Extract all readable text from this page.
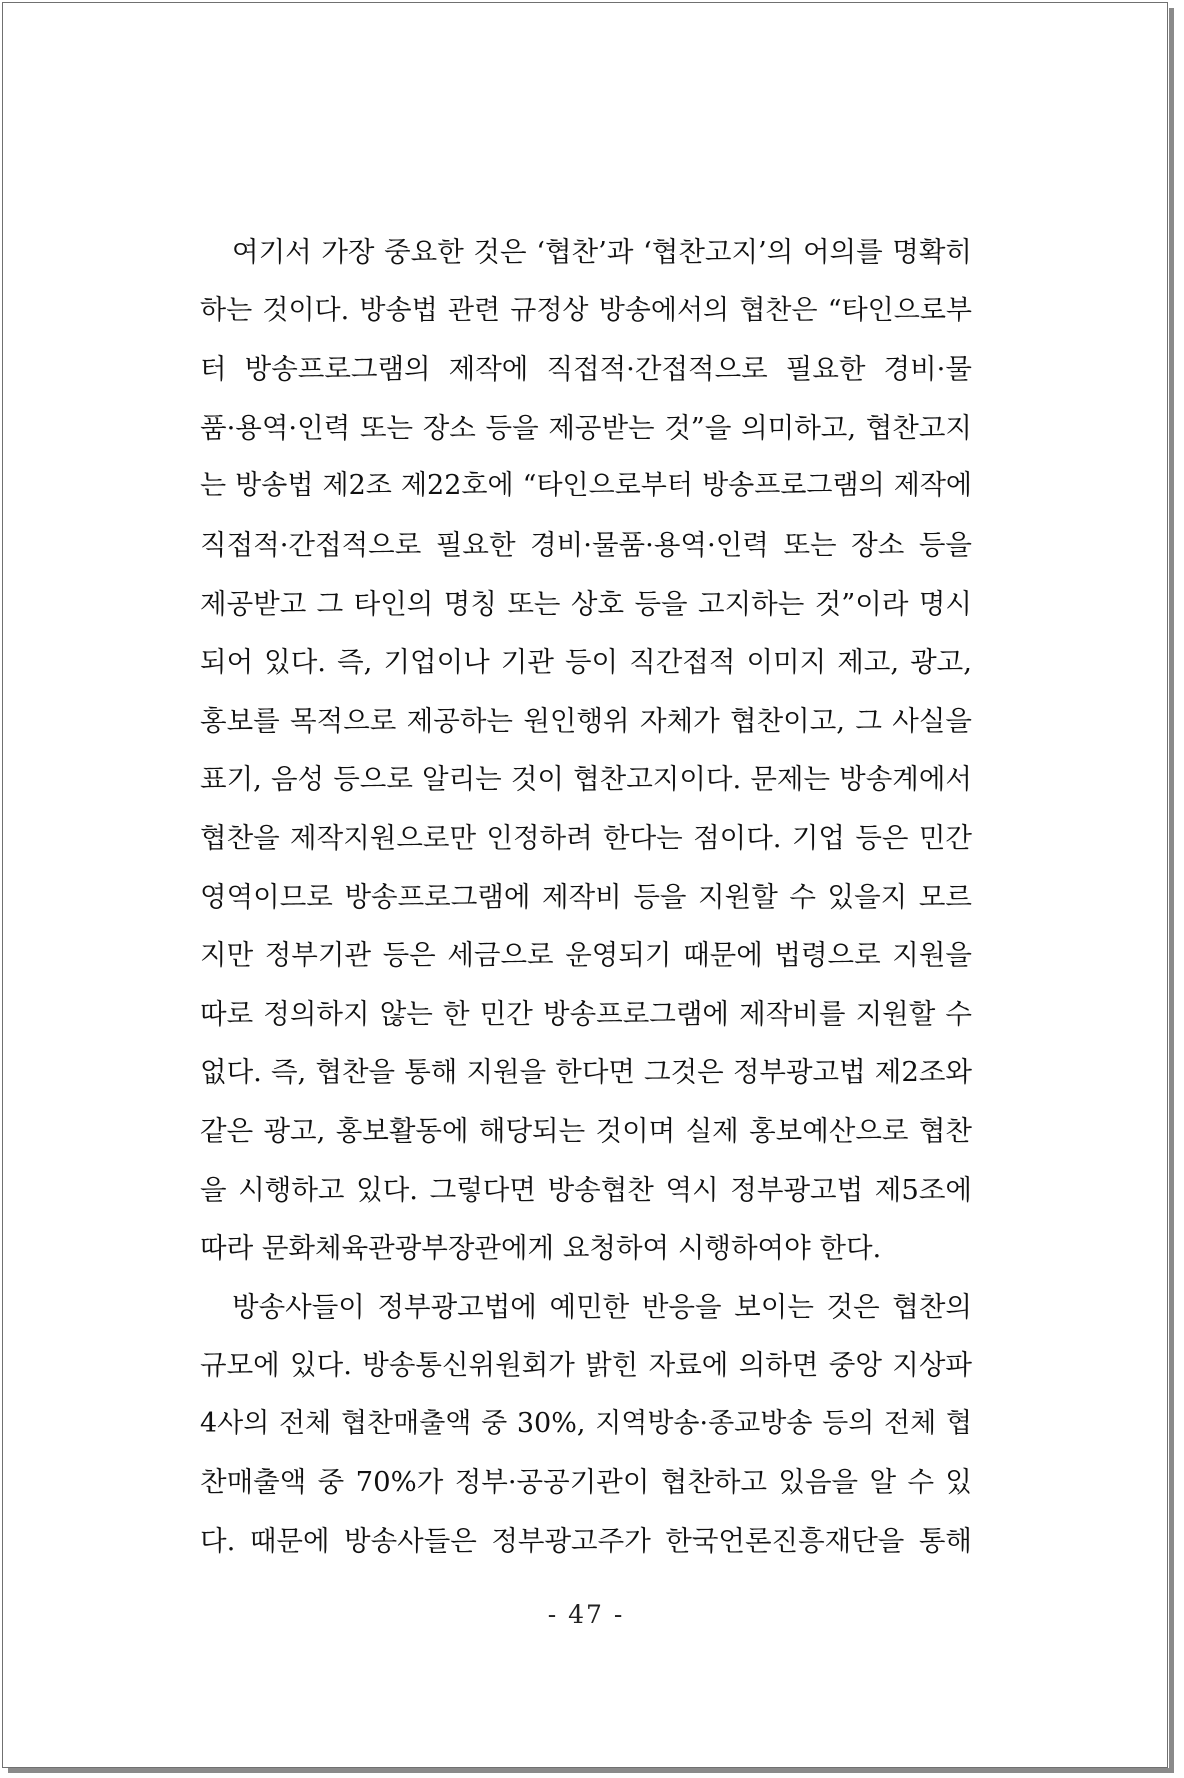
여기서 가장 중요한 것은 ‘협찬’과 ‘협찬고지’의 어의를 명확히
하는 것이다. 방송법 관련 규정상 방송에서의 협찬은 “타인으로부
터 방송프로그램의 제작에 직접적·간접적으로 필요한 경비·물
품·용역·인력 또는 장소 등을 제공받는 것”을 의미하고, 협찬고지
는 방송법 제2조 제22호에 “타인으로부터 방송프로그램의 제작에
직접적·간접적으로 필요한 경비·물품·용역·인력 또는 장소 등을
제공받고 그 타인의 명칭 또는 상호 등을 고지하는 것”이라 명시
되어 있다. 즉, 기업이나 기관 등이 직간접적 이미지 제고, 광고,
홍보를 목적으로 제공하는 원인행위 자체가 협찬이고, 그 사실을
표기, 음성 등으로 알리는 것이 협찬고지이다. 문제는 방송계에서
협찬을 제작지원으로만 인정하려 한다는 점이다. 기업 등은 민간
영역이므로 방송프로그램에 제작비 등을 지원할 수 있을지 모르
지만 정부기관 등은 세금으로 운영되기 때문에 법령으로 지원을
따로 정의하지 않는 한 민간 방송프로그램에 제작비를 지원할 수
없다. 즉, 협찬을 통해 지원을 한다면 그것은 정부광고법 제2조와
같은 광고, 홍보활동에 해당되는 것이며 실제 홍보예산으로 협찬
을 시행하고 있다. 그렇다면 방송협찬 역시 정부광고법 제5조에
따라 문화체육관광부장관에게 요청하여 시행하여야 한다.
방송사들이 정부광고법에 예민한 반응을 보이는 것은 협찬의
규모에 있다. 방송통신위원회가 밝힌 자료에 의하면 중앙 지상파
4사의 전체 협찬매출액 중 30%, 지역방송·종교방송 등의 전체 협
찬매출액 중 70%가 정부·공공기관이 협찬하고 있음을 알 수 있
다. 때문에 방송사들은 정부광고주가 한국언론진흥재단을 통해
- 47 -
